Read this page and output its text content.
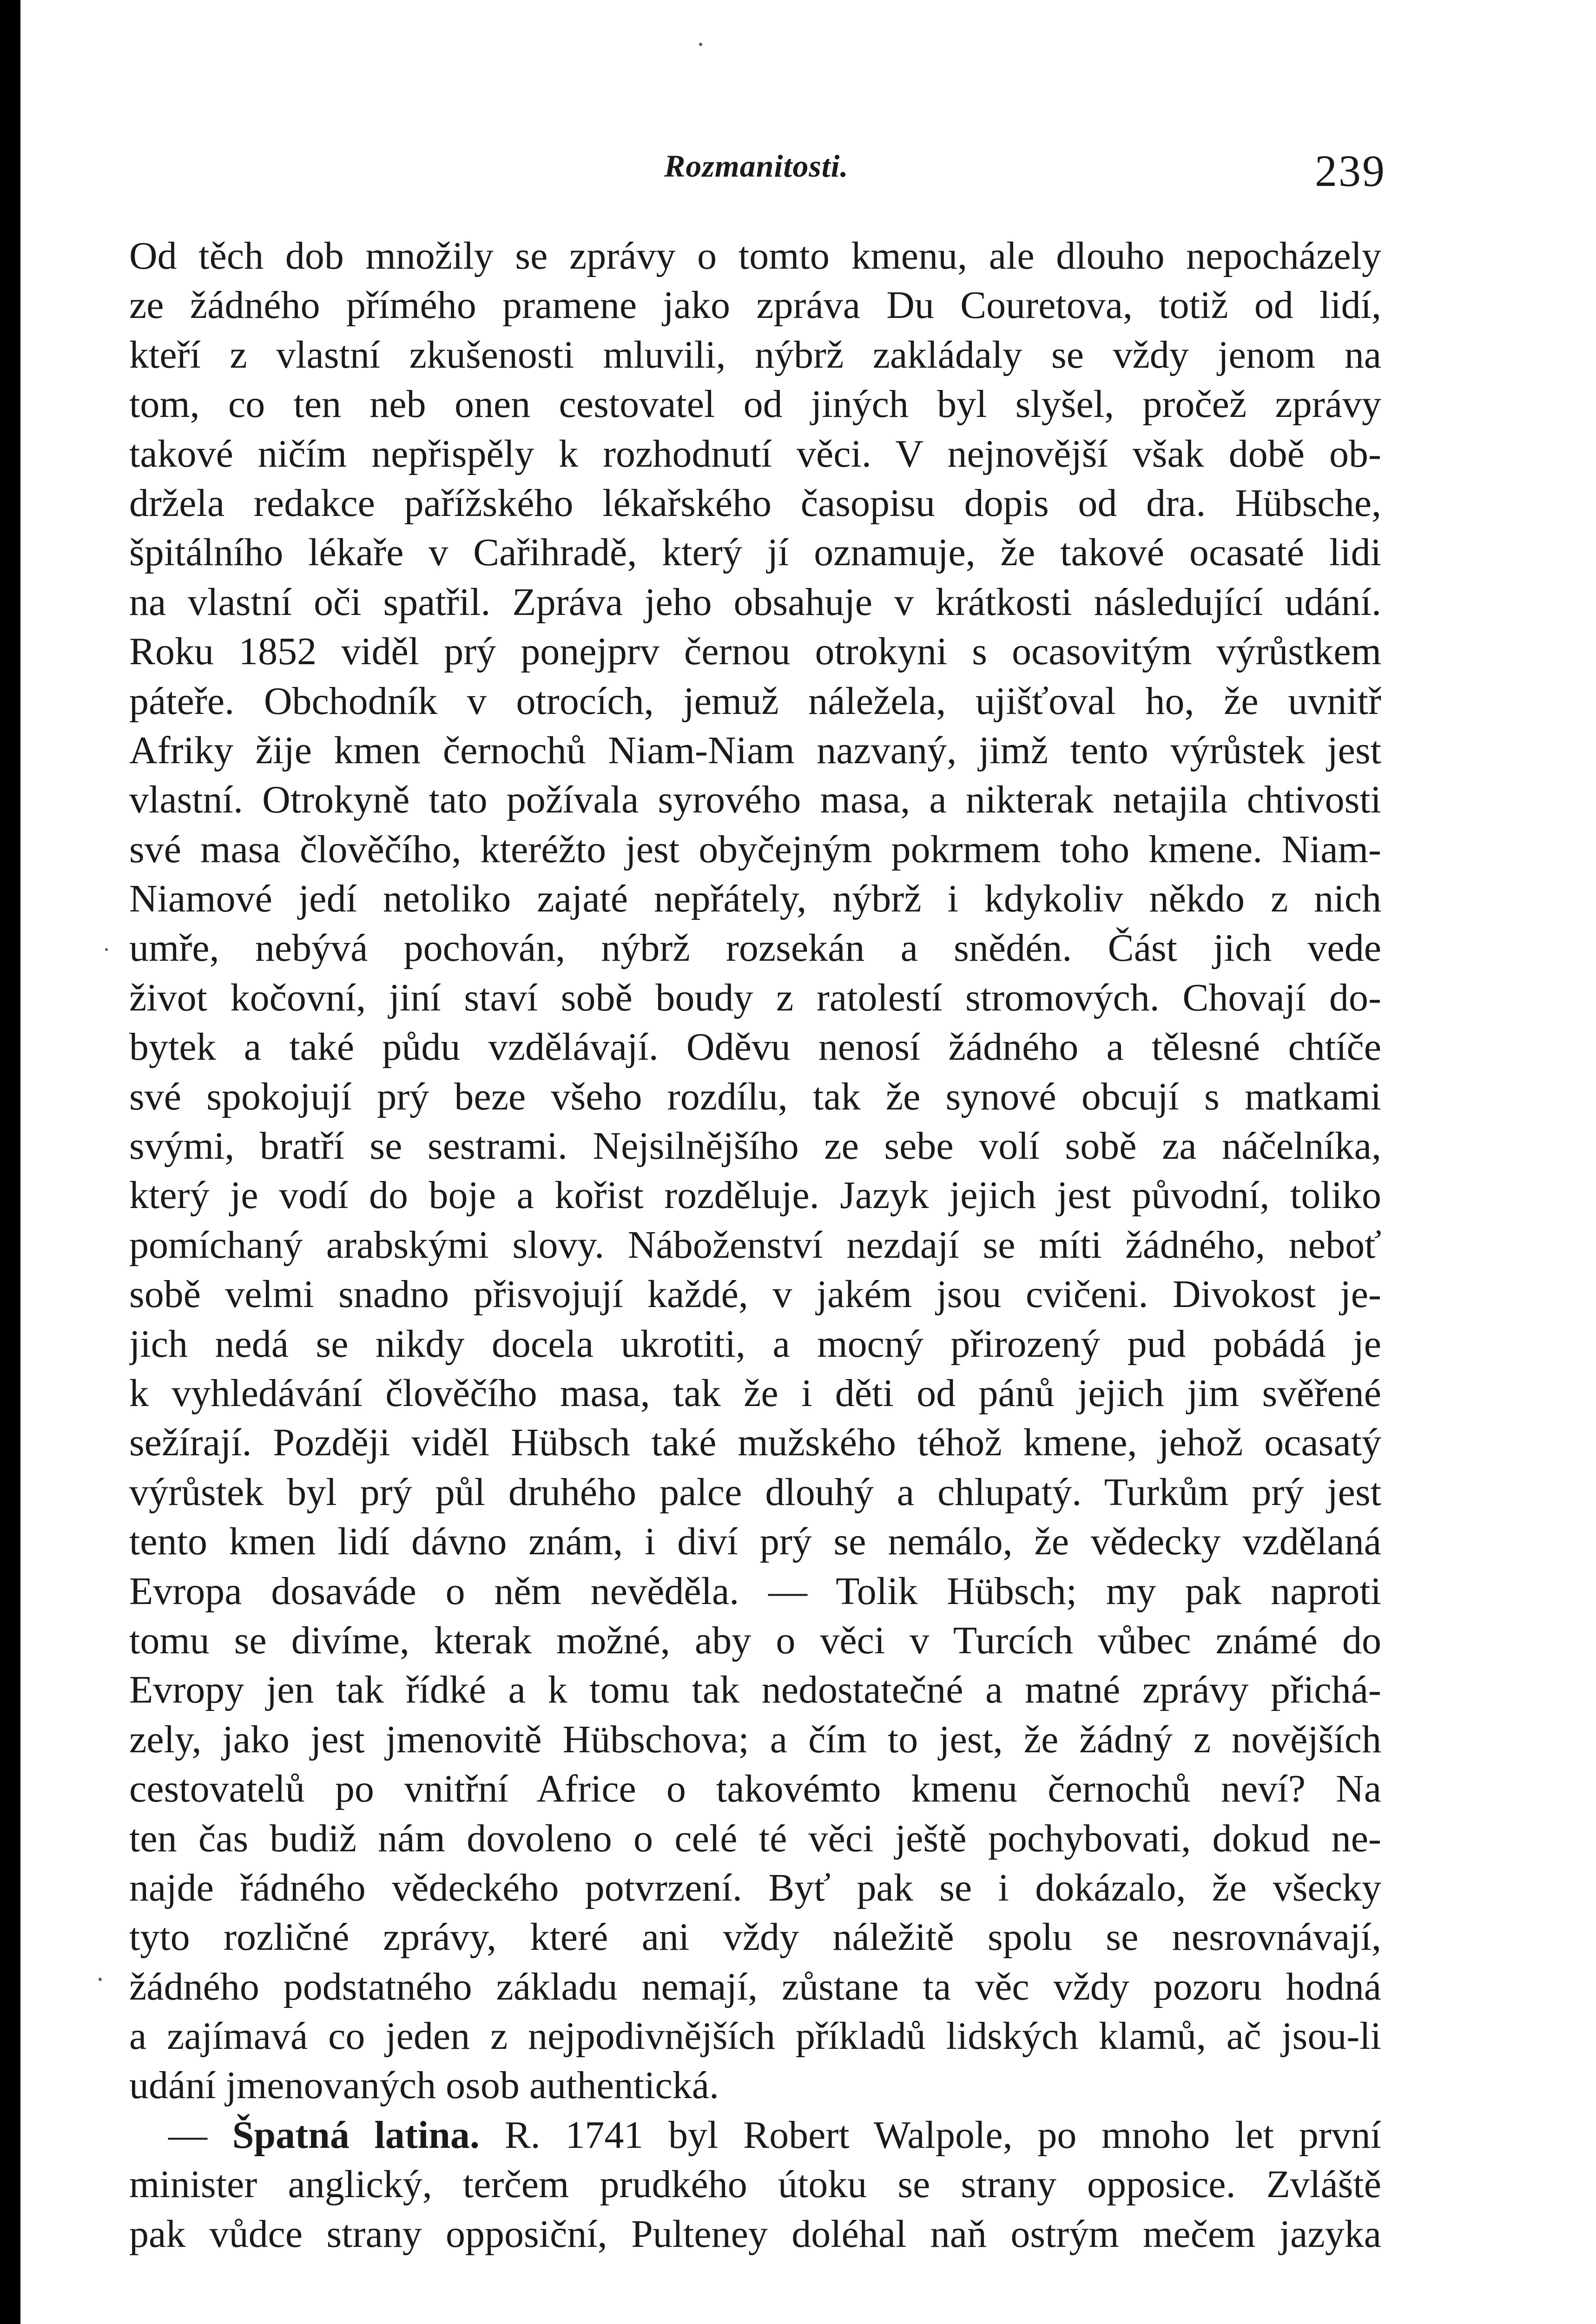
Rozmanitosti.	239
Od těch dob množily se zprávy o tomto kmenu, ale dlouho nepocházely
ze žádného přímého pramene jako zpráva Du Couretova, totiž od lidí,
kteří z vlastní zkušenosti mluvili, nýbrž zakládaly se vždy jenom na
tom, co ten neb onen cestovatel od jiných byl slyšel, pročež zprávy
takové ničím nepřispěly k rozhodnutí věci. V nejnovější však době ob-
držela redakce pařížského lékařského časopisu dopis od dra. Hübsche,
špitálního lékaře v Cařihradě, který jí oznamuje, že takové ocasaté lidi
na vlastní oči spatřil. Zpráva jeho obsahuje v krátkosti následující udání.
Roku 1852 viděl prý ponejprv černou otrokyni s ocasovitým výrůstkem
páteře. Obchodník v otrocích, jemuž náležela, ujišťoval ho, že uvnitř
Afriky žije kmen černochů Niam-Niam nazvaný, jimž tento výrůstek jest
vlastní. Otrokyně tato požívala syrového masa, a nikterak netajila chtivosti
své masa člověčího, kteréžto jest obyčejným pokrmem toho kmene. Niam-
Niamové jedí netoliko zajaté nepřátely, nýbrž i kdykoliv někdo z nich
umře, nebývá pochován, nýbrž rozsekán a snědén. Část jich vede
život kočovní, jiní staví sobě boudy z ratolestí stromových. Chovají do-
bytek a také půdu vzdělávají. Oděvu nenosí žádného a tělesné chtíče
své spokojují prý beze všeho rozdílu, tak že synové obcují s matkami
svými, bratří se sestrami. Nejsilnějšího ze sebe volí sobě za náčelníka,
který je vodí do boje a kořist rozděluje. Jazyk jejich jest původní, toliko
pomíchaný arabskými slovy. Náboženství nezdají se míti žádného, neboť
sobě velmi snadno přisvojují každé, v jakém jsou cvičeni. Divokost je-
jich nedá se nikdy docela ukrotiti, a mocný přirozený pud pobádá je
k vyhledávání člověčího masa, tak že i děti od pánů jejich jim svěřené
sežírají. Později viděl Hübsch také mužského téhož kmene, jehož ocasatý
výrůstek byl prý půl druhého palce dlouhý a chlupatý. Turkům prý jest
tento kmen lidí dávno znám, i diví prý se nemálo, že vědecky vzdělaná
Evropa dosaváde o něm nevěděla. — Tolik Hübsch; my pak naproti
tomu se divíme, kterak možné, aby o věci v Turcích vůbec známé do
Evropy jen tak řídké a k tomu tak nedostatečné a matné zprávy přichá-
zely, jako jest jmenovitě Hübschova; a čím to jest, že žádný z novějších
cestovatelů po vnitřní Africe o takovémto kmenu černochů neví? Na
ten čas budiž nám dovoleno o celé té věci ještě pochybovati, dokud ne-
najde řádného vědeckého potvrzení. Byť pak se i dokázalo, že všecky
tyto rozličné zprávy, které ani vždy náležitě spolu se nesrovnávají,
žádného podstatného základu nemají, zůstane ta věc vždy pozoru hodná
a zajímavá co jeden z nejpodivnějších příkladů lidských klamů, ač jsou-li
udání jmenovaných osob authentická.
— Špatná latina. R. 1741 byl Robert Walpole, po mnoho let první
minister anglický, terčem prudkého útoku se strany opposice. Zvláště
pak vůdce strany opposiční, Pulteney doléhal naň ostrým mečem jazyka
